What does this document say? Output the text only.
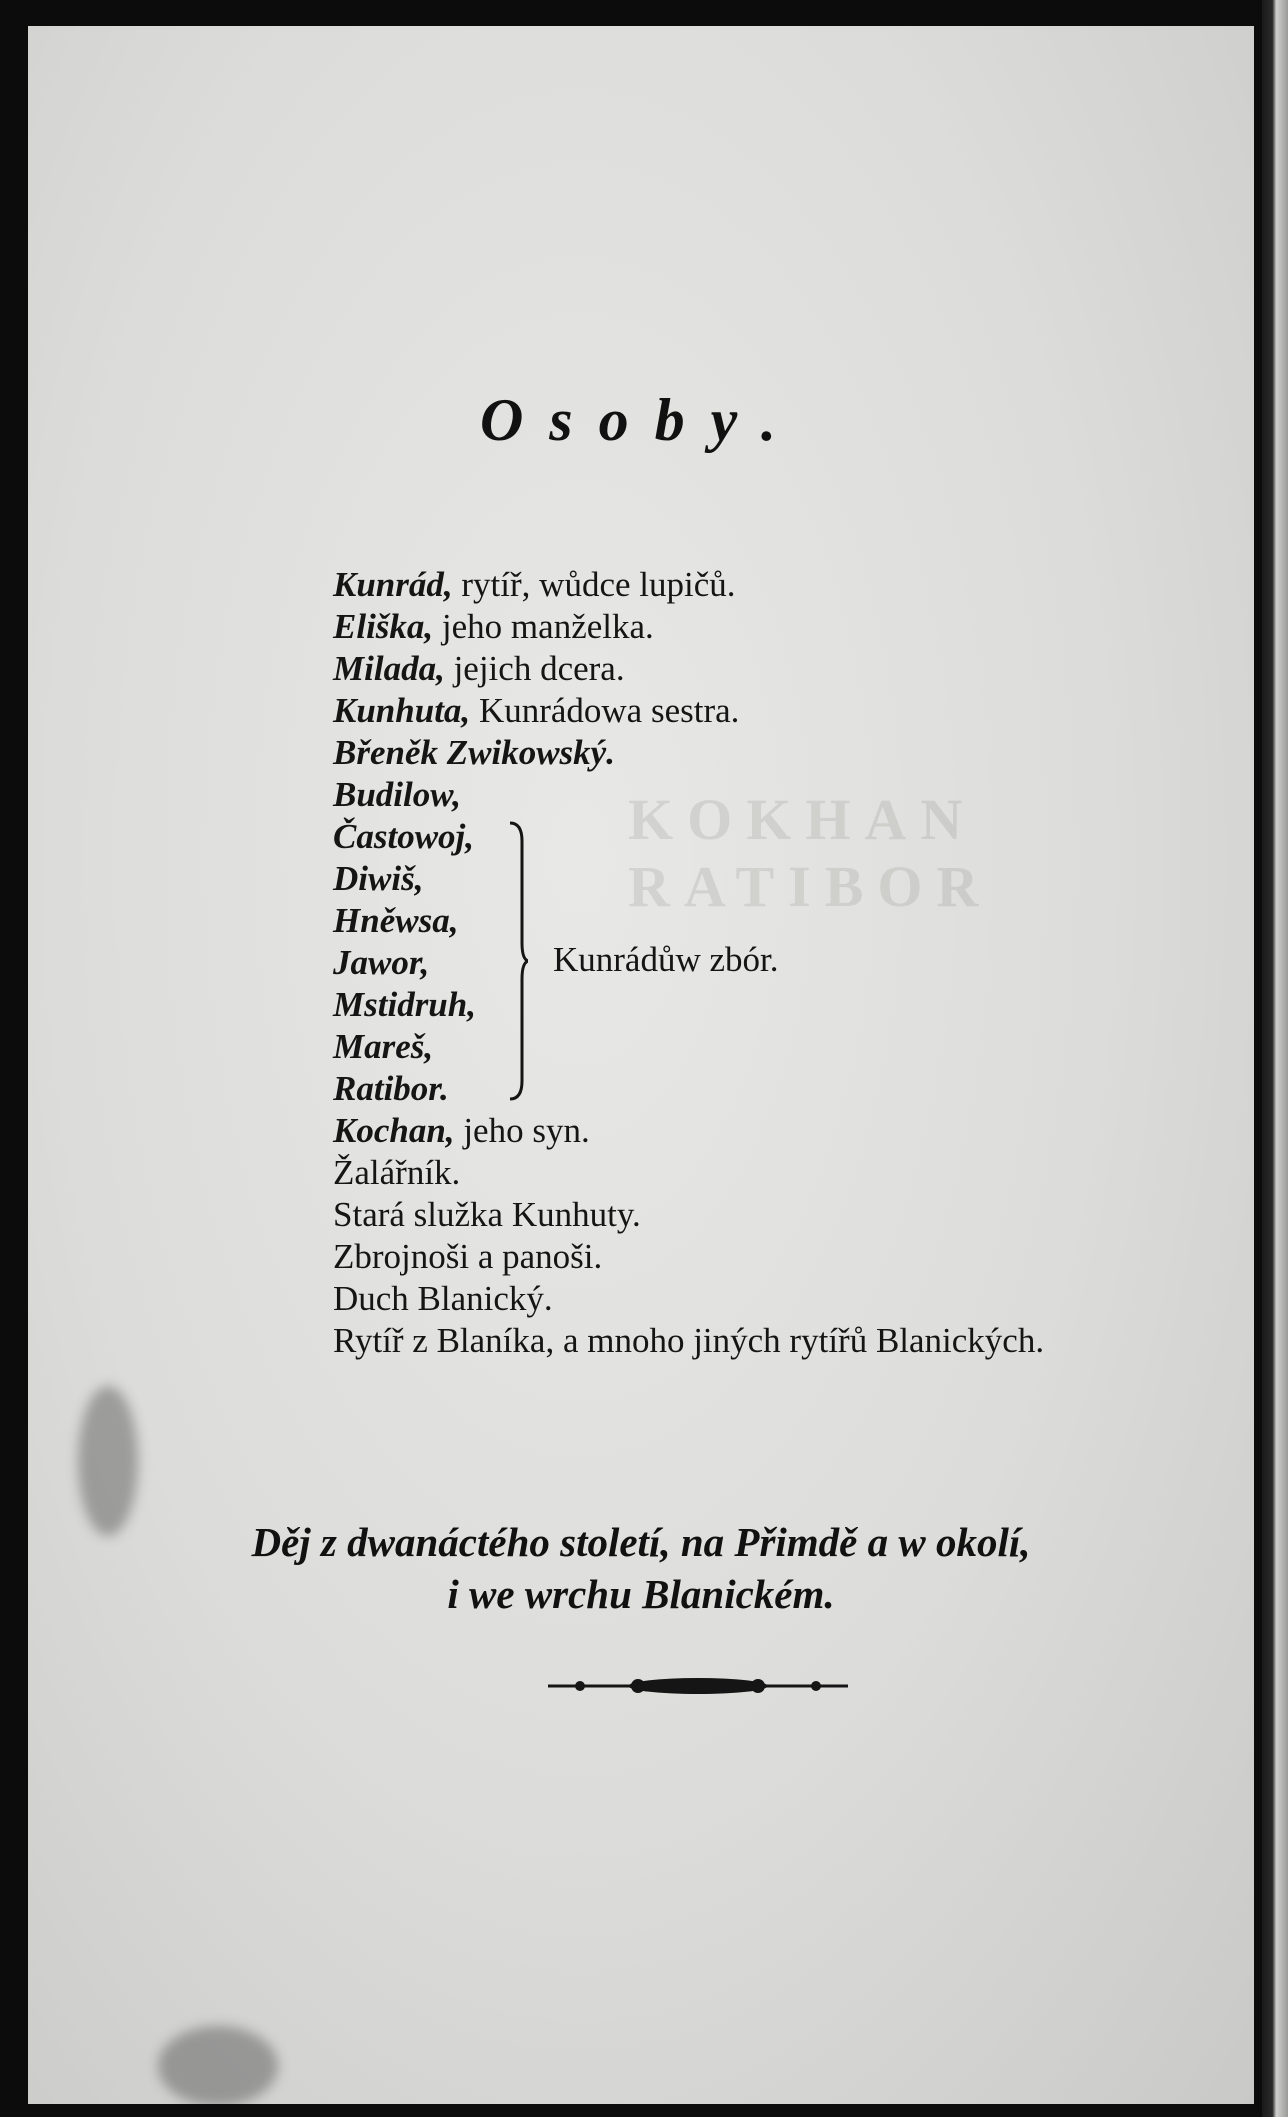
KOKHAN RATIBOR
Osoby.
Kunrád, rytíř, wůdce lupičů.
Eliška, jeho manželka.
Milada, jejich dcera.
Kunhuta, Kunrádowa sestra.
Břeněk Zwikowský.
Budilow,
Častowoj,
Diwiš,
Hněwsa,
Jawor,
Mstidruh,
Mareš,
Ratibor.
Kochan, jeho syn.
Žalářník.
Stará služka Kunhuty.
Zbrojnoši a panoši.
Duch Blanický.
Rytíř z Blaníka, a mnoho jiných rytířů Blanických.
Kunrádůw zbór.
Děj z dwanáctého století, na Přimdě a w okolí,
i we wrchu Blanickém.
